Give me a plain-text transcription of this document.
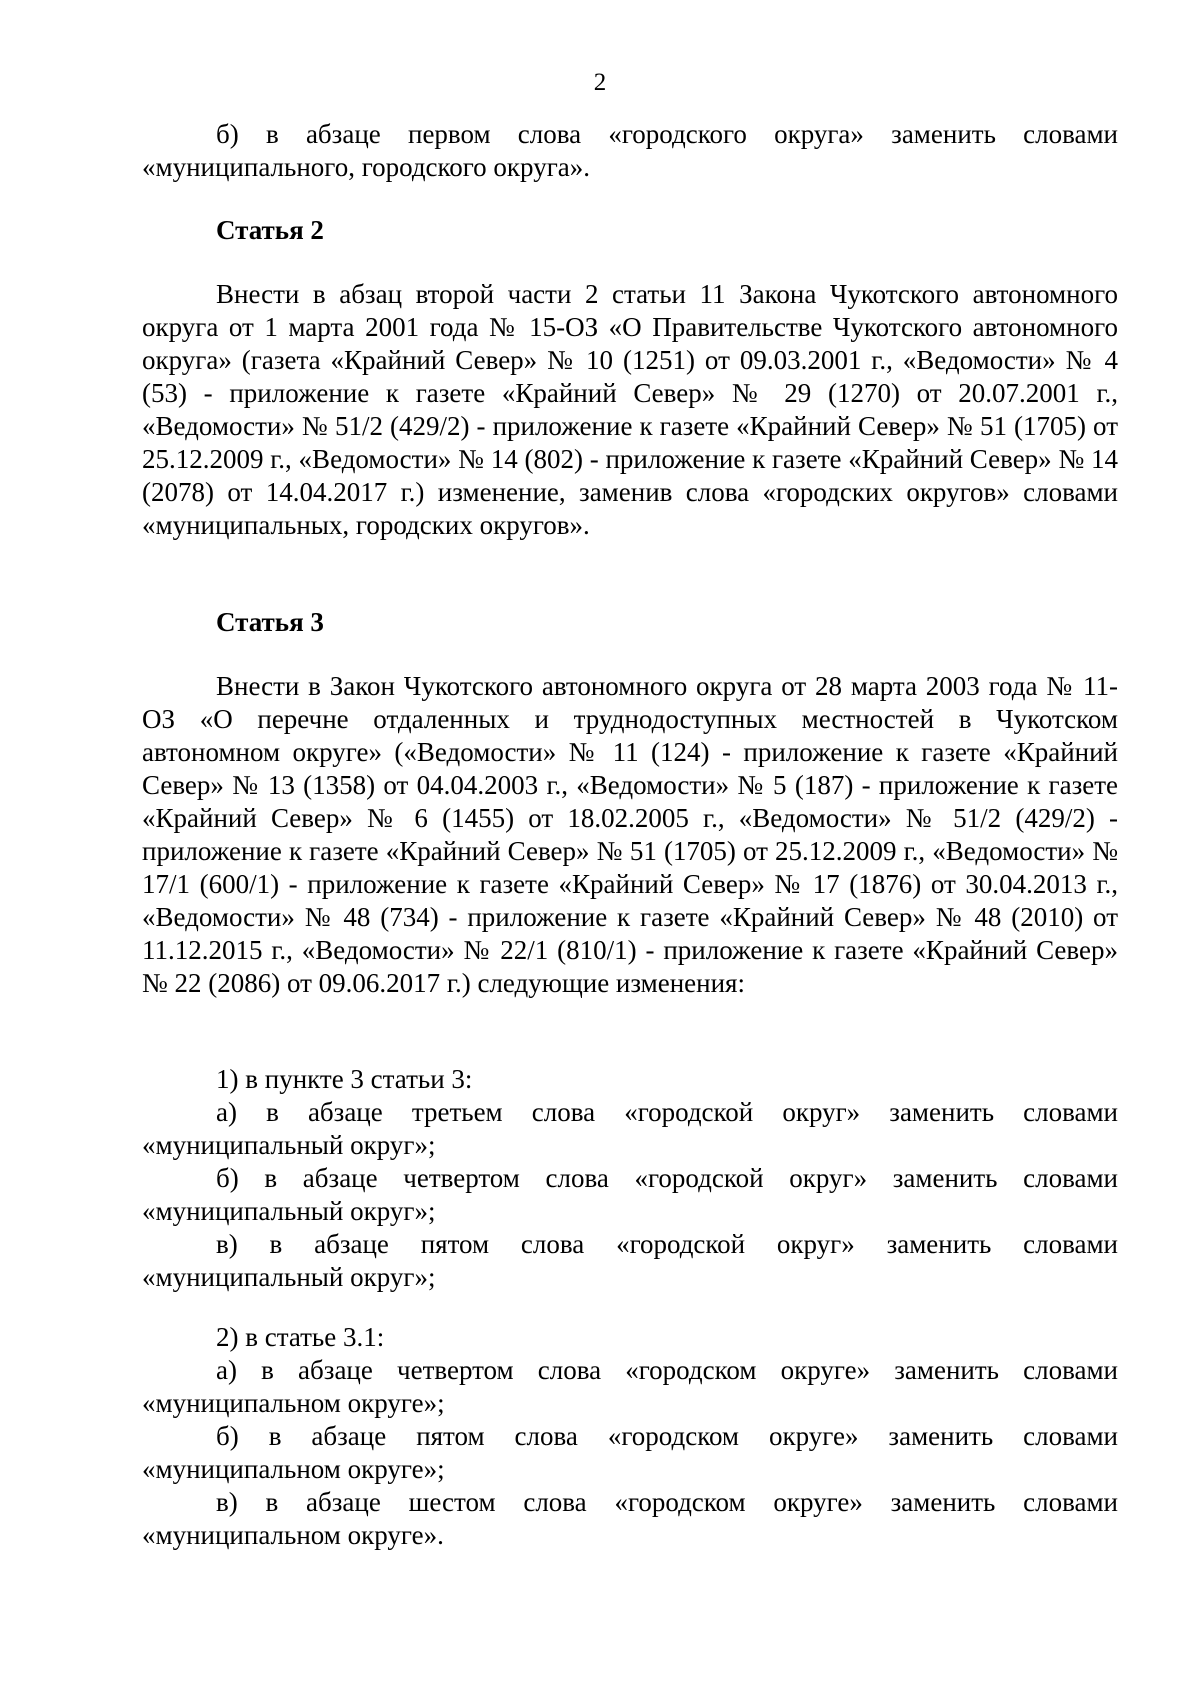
2

б) в абзаце первом слова «городского округа» заменить словами «муниципального, городского округа».

Статья 2

Внести в абзац второй части 2 статьи 11 Закона Чукотского автономного округа от 1 марта 2001 года № 15-ОЗ «О Правительстве Чукотского автономного округа» (газета «Крайний Север» № 10 (1251) от 09.03.2001 г., «Ведомости» № 4 (53) - приложение к газете «Крайний Север» № 29 (1270) от 20.07.2001 г., «Ведомости» № 51/2 (429/2) - приложение к газете «Крайний Север» № 51 (1705) от 25.12.2009 г., «Ведомости» № 14 (802) - приложение к газете «Крайний Север» № 14 (2078) от 14.04.2017 г.) изменение, заменив слова «городских округов» словами «муниципальных, городских округов».

Статья 3

Внести в Закон Чукотского автономного округа от 28 марта 2003 года № 11-ОЗ «О перечне отдаленных и труднодоступных местностей в Чукотском автономном округе» («Ведомости» № 11 (124) - приложение к газете «Крайний Север» № 13 (1358) от 04.04.2003 г., «Ведомости» № 5 (187) - приложение к газете «Крайний Север» № 6 (1455) от 18.02.2005 г., «Ведомости» № 51/2 (429/2) - приложение к газете «Крайний Север» № 51 (1705) от 25.12.2009 г., «Ведомости» № 17/1 (600/1) - приложение к газете «Крайний Север» № 17 (1876) от 30.04.2013 г., «Ведомости» № 48 (734) - приложение к газете «Крайний Север» № 48 (2010) от 11.12.2015 г., «Ведомости» № 22/1 (810/1) - приложение к газете «Крайний Север» № 22 (2086) от 09.06.2017 г.) следующие изменения:

1) в пункте 3 статьи 3:

а) в абзаце третьем слова «городской округ» заменить словами «муниципальный округ»;

б) в абзаце четвертом слова «городской округ» заменить словами «муниципальный округ»;

в) в абзаце пятом слова «городской округ» заменить словами «муниципальный округ»;

2) в статье 3.1:

а) в абзаце четвертом слова «городском округе» заменить словами «муниципальном округе»;

б) в абзаце пятом слова «городском округе» заменить словами «муниципальном округе»;

в) в абзаце шестом слова «городском округе» заменить словами «муниципальном округе».
